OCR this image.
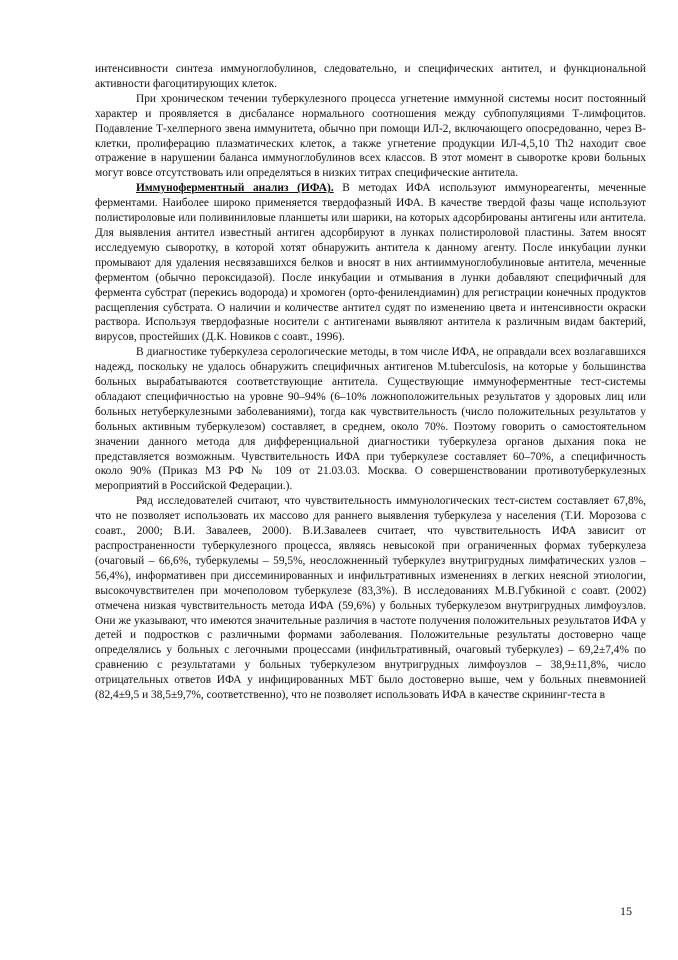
интенсивности синтеза иммуноглобулинов, следовательно, и специфических антител, и функциональной активности фагоцитирующих клеток.

При хроническом течении туберкулезного процесса угнетение иммунной системы носит постоянный характер и проявляется в дисбалансе нормального соотношения между субпопуляциями Т-лимфоцитов. Подавление Т-хелперного звена иммунитета, обычно при помощи ИЛ-2, включающего опосредованно, через В-клетки, пролиферацию плазматических клеток, а также угнетение продукции ИЛ-4,5,10 Th2 находит свое отражение в нарушении баланса иммуноглобулинов всех классов. В этот момент в сыворотке крови больных могут вовсе отсутствовать или определяться в низких титрах специфические антитела.

Иммуноферментный анализ (ИФА). В методах ИФА используют иммунореагенты, меченные ферментами. Наиболее широко применяется твердофазный ИФА. В качестве твердой фазы чаще используют полистироловые или поливиниловые планшеты или шарики, на которых адсорбированы антигены или антитела. Для выявления антител известный антиген адсорбируют в лунках полистироловой пластины. Затем вносят исследуемую сыворотку, в которой хотят обнаружить антитела к данному агенту. После инкубации лунки промывают для удаления несвязавшихся белков и вносят в них антииммуноглобулиновые антитела, меченные ферментом (обычно пероксидазой). После инкубации и отмывания в лунки добавляют специфичный для фермента субстрат (перекись водорода) и хромоген (орто-фенилендиамин) для регистрации конечных продуктов расщепления субстрата. О наличии и количестве антител судят по изменению цвета и интенсивности окраски раствора. Используя твердофазные носители с антигенами выявляют антитела к различным видам бактерий, вирусов, простейших (Д.К. Новиков с соавт., 1996).

В диагностике туберкулеза серологические методы, в том числе ИФА, не оправдали всех возлагавшихся надежд, поскольку не удалось обнаружить специфичных антигенов M.tuberculosis, на которые у большинства больных вырабатываются соответствующие антитела. Существующие иммуноферментные тест-системы обладают специфичностью на уровне 90–94% (6–10% ложноположительных результатов у здоровых лиц или больных нетуберкулезными заболеваниями), тогда как чувствительность (число положительных результатов у больных активным туберкулезом) составляет, в среднем, около 70%. Поэтому говорить о самостоятельном значении данного метода для дифференциальной диагностики туберкулеза органов дыхания пока не представляется возможным. Чувствительность ИФА при туберкулезе составляет 60–70%, а специфичность около 90% (Приказ МЗ РФ № 109 от 21.03.03. Москва. О совершенствовании противотуберкулезных мероприятий в Российской Федерации.).

Ряд исследователей считают, что чувствительность иммунологических тест-систем составляет 67,8%, что не позволяет использовать их массово для раннего выявления туберкулеза у населения (Т.И. Морозова с соавт., 2000; В.И. Завалеев, 2000). В.И.Завалеев считает, что чувствительность ИФА зависит от распространенности туберкулезного процесса, являясь невысокой при ограниченных формах туберкулеза (очаговый – 66,6%, туберкулемы – 59,5%, неосложненный туберкулез внутригрудных лимфатических узлов – 56,4%), информативен при диссеминированных и инфильтративных изменениях в легких неясной этиологии, высокочувствителен при мочеполовом туберкулезе (83,3%). В исследованиях М.В.Губкиной с соавт. (2002) отмечена низкая чувствительность метода ИФА (59,6%) у больных туберкулезом внутригрудных лимфоузлов. Они же указывают, что имеются значительные различия в частоте получения положительных результатов ИФА у детей и подростков с различными формами заболевания. Положительные результаты достоверно чаще определялись у больных с легочными процессами (инфильтративный, очаговый туберкулез) – 69,2±7,4% по сравнению с результатами у больных туберкулезом внутригрудных лимфоузлов – 38,9±11,8%, число отрицательных ответов ИФА у инфицированных МБТ было достоверно выше, чем у больных пневмонией (82,4±9,5 и 38,5±9,7%, соответственно), что не позволяет использовать ИФА в качестве скрининг-теста в

15
